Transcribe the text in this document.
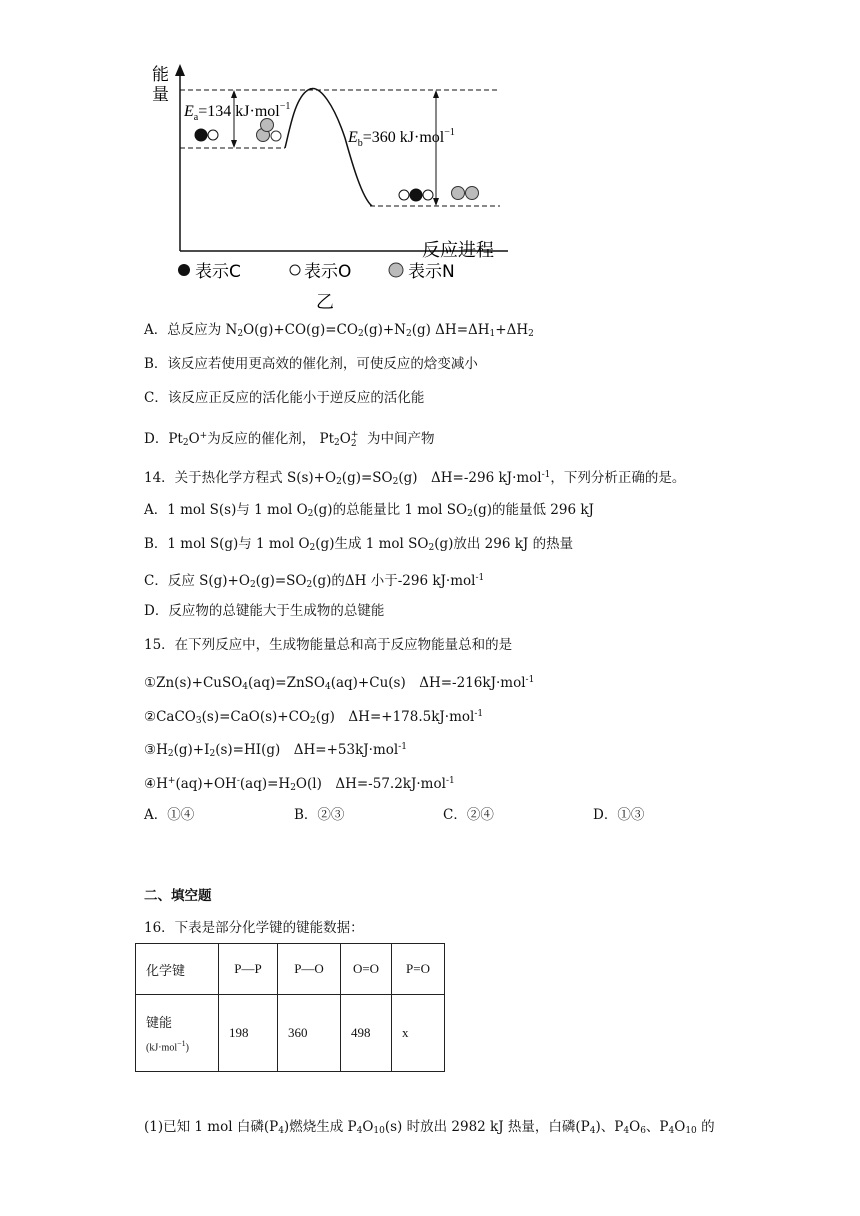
能
量
$E_a=134$ kJ·mol$^{-1}$
$E_b=360$ kJ·mol$^{-1}$
反应进程
表示C	表示O	表示N
乙
A．总反应为 $N_2O(g)+CO(g)=CO_2(g)+N_2(g)$ $\Delta H=\Delta H_1+\Delta H_2$
B．该反应若使用更高效的催化剂，可使反应的焓变减小
C．该反应正反应的活化能小于逆反应的活化能
D．$Pt_2O^+$为反应的催化剂， $Pt_2O$ +
2 为中间产物
14．关于热化学方程式 $S(s)+O_2(g)=SO_2(g)$　ΔH=-296 kJ·mol$^{-1}$，下列分析正确的是。
A．1 mol S(s)与 1 mol $O_2(g)$的总能量比 1 mol $SO_2(g)$的能量低 296 kJ
B．1 mol S(g)与 1 mol $O_2(g)$生成 1 mol $SO_2(g)$放出 296 kJ 的热量
C．反应 $S(g)+O_2(g)=SO_2(g)$的ΔH 小于-296 kJ·mol$^{-1}$
D．反应物的总键能大于生成物的总键能
15．在下列反应中，生成物能量总和高于反应物能量总和的是
①Zn(s)+CuSO$_4$(aq)=ZnSO$_4$(aq)+Cu(s)　ΔH=-216kJ·mol$^{-1}$
$②CaCO_3(s)=CaO(s)+CO_2(g)$　ΔH=+178.5kJ·mol$^{-1}$
$③H_2(g)+I_2(s)=HI(g)$　ΔH=+53kJ·mol$^{-1}$
$④H^+(aq)+OH^-(aq)=H_2O(l)$　ΔH=-57.2kJ·mol$^{-1}$
A．①④	B．②③	C．②④	D．①③
二、填空题
16．下表是部分化学键的键能数据：
化学键	P—P	P—O	O=O	P=O

键能
(kJ·mol$^{-1}$)	198	360	498	x
(1)已知 1 mol 白磷$(P_4)$燃烧生成 $P_4O_{10}(s)$ 时放出 2982 kJ 热量，白磷$(P_4)$、$P_4O_6$、$P_4O_{10}$ 的
